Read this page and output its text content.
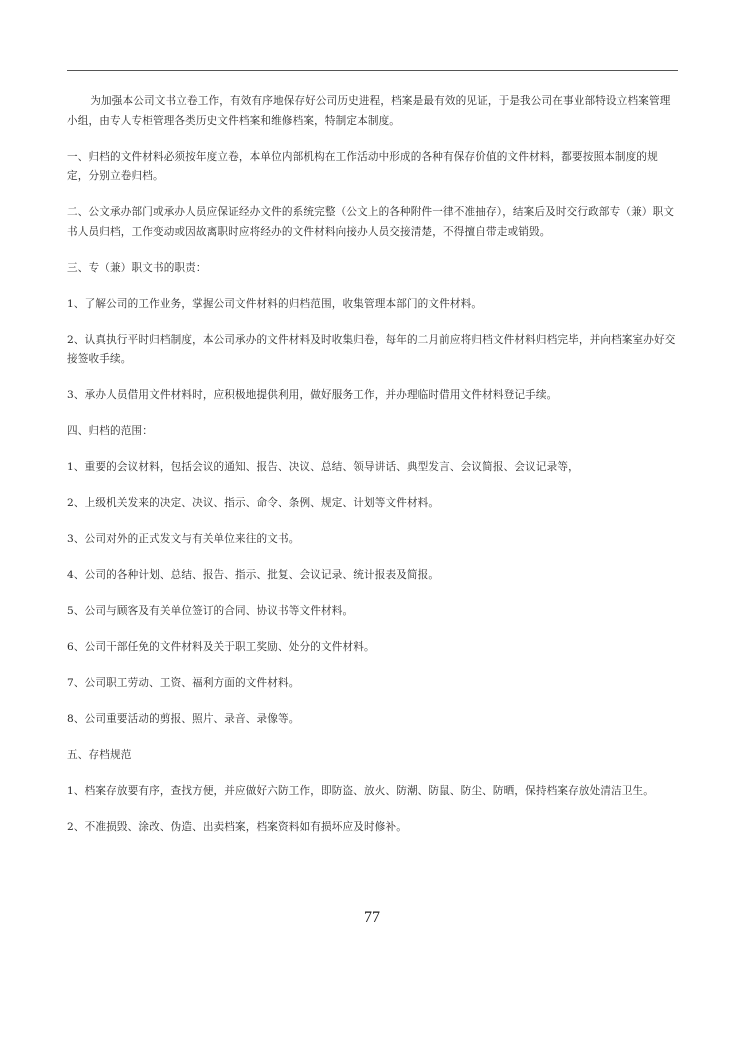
为加强本公司文书立卷工作，有效有序地保存好公司历史进程，档案是最有效的见证，于是我公司在事业部特设立档案管理小组，由专人专柜管理各类历史文件档案和维修档案，特制定本制度。

一、归档的文件材料必须按年度立卷，本单位内部机构在工作活动中形成的各种有保存价值的文件材料，都要按照本制度的规定，分别立卷归档。

二、公文承办部门或承办人员应保证经办文件的系统完整（公文上的各种附件一律不准抽存），结案后及时交行政部专（兼）职文书人员归档，工作变动或因故离职时应将经办的文件材料向接办人员交接清楚，不得擅自带走或销毁。

三、专（兼）职文书的职责：

1、了解公司的工作业务，掌握公司文件材料的归档范围，收集管理本部门的文件材料。

2、认真执行平时归档制度，本公司承办的文件材料及时收集归卷，每年的二月前应将归档文件材料归档完毕，并向档案室办好交接签收手续。

3、承办人员借用文件材料时，应积极地提供利用，做好服务工作，并办理临时借用文件材料登记手续。

四、归档的范围：

1、重要的会议材料，包括会议的通知、报告、决议、总结、领导讲话、典型发言、会议简报、会议记录等，

2、上级机关发来的决定、决议、指示、命令、条例、规定、计划等文件材料。

3、公司对外的正式发文与有关单位来往的文书。

4、公司的各种计划、总结、报告、指示、批复、会议记录、统计报表及简报。

5、公司与顾客及有关单位签订的合同、协议书等文件材料。

6、公司干部任免的文件材料及关于职工奖励、处分的文件材料。

7、公司职工劳动、工资、福利方面的文件材料。

8、公司重要活动的剪报、照片、录音、录像等。

五、存档规范

1、档案存放要有序，查找方便，并应做好六防工作，即防盗、放火、防潮、防鼠、防尘、防晒，保持档案存放处清洁卫生。

2、不准损毁、涂改、伪造、出卖档案，档案资料如有损坏应及时修补。

77
